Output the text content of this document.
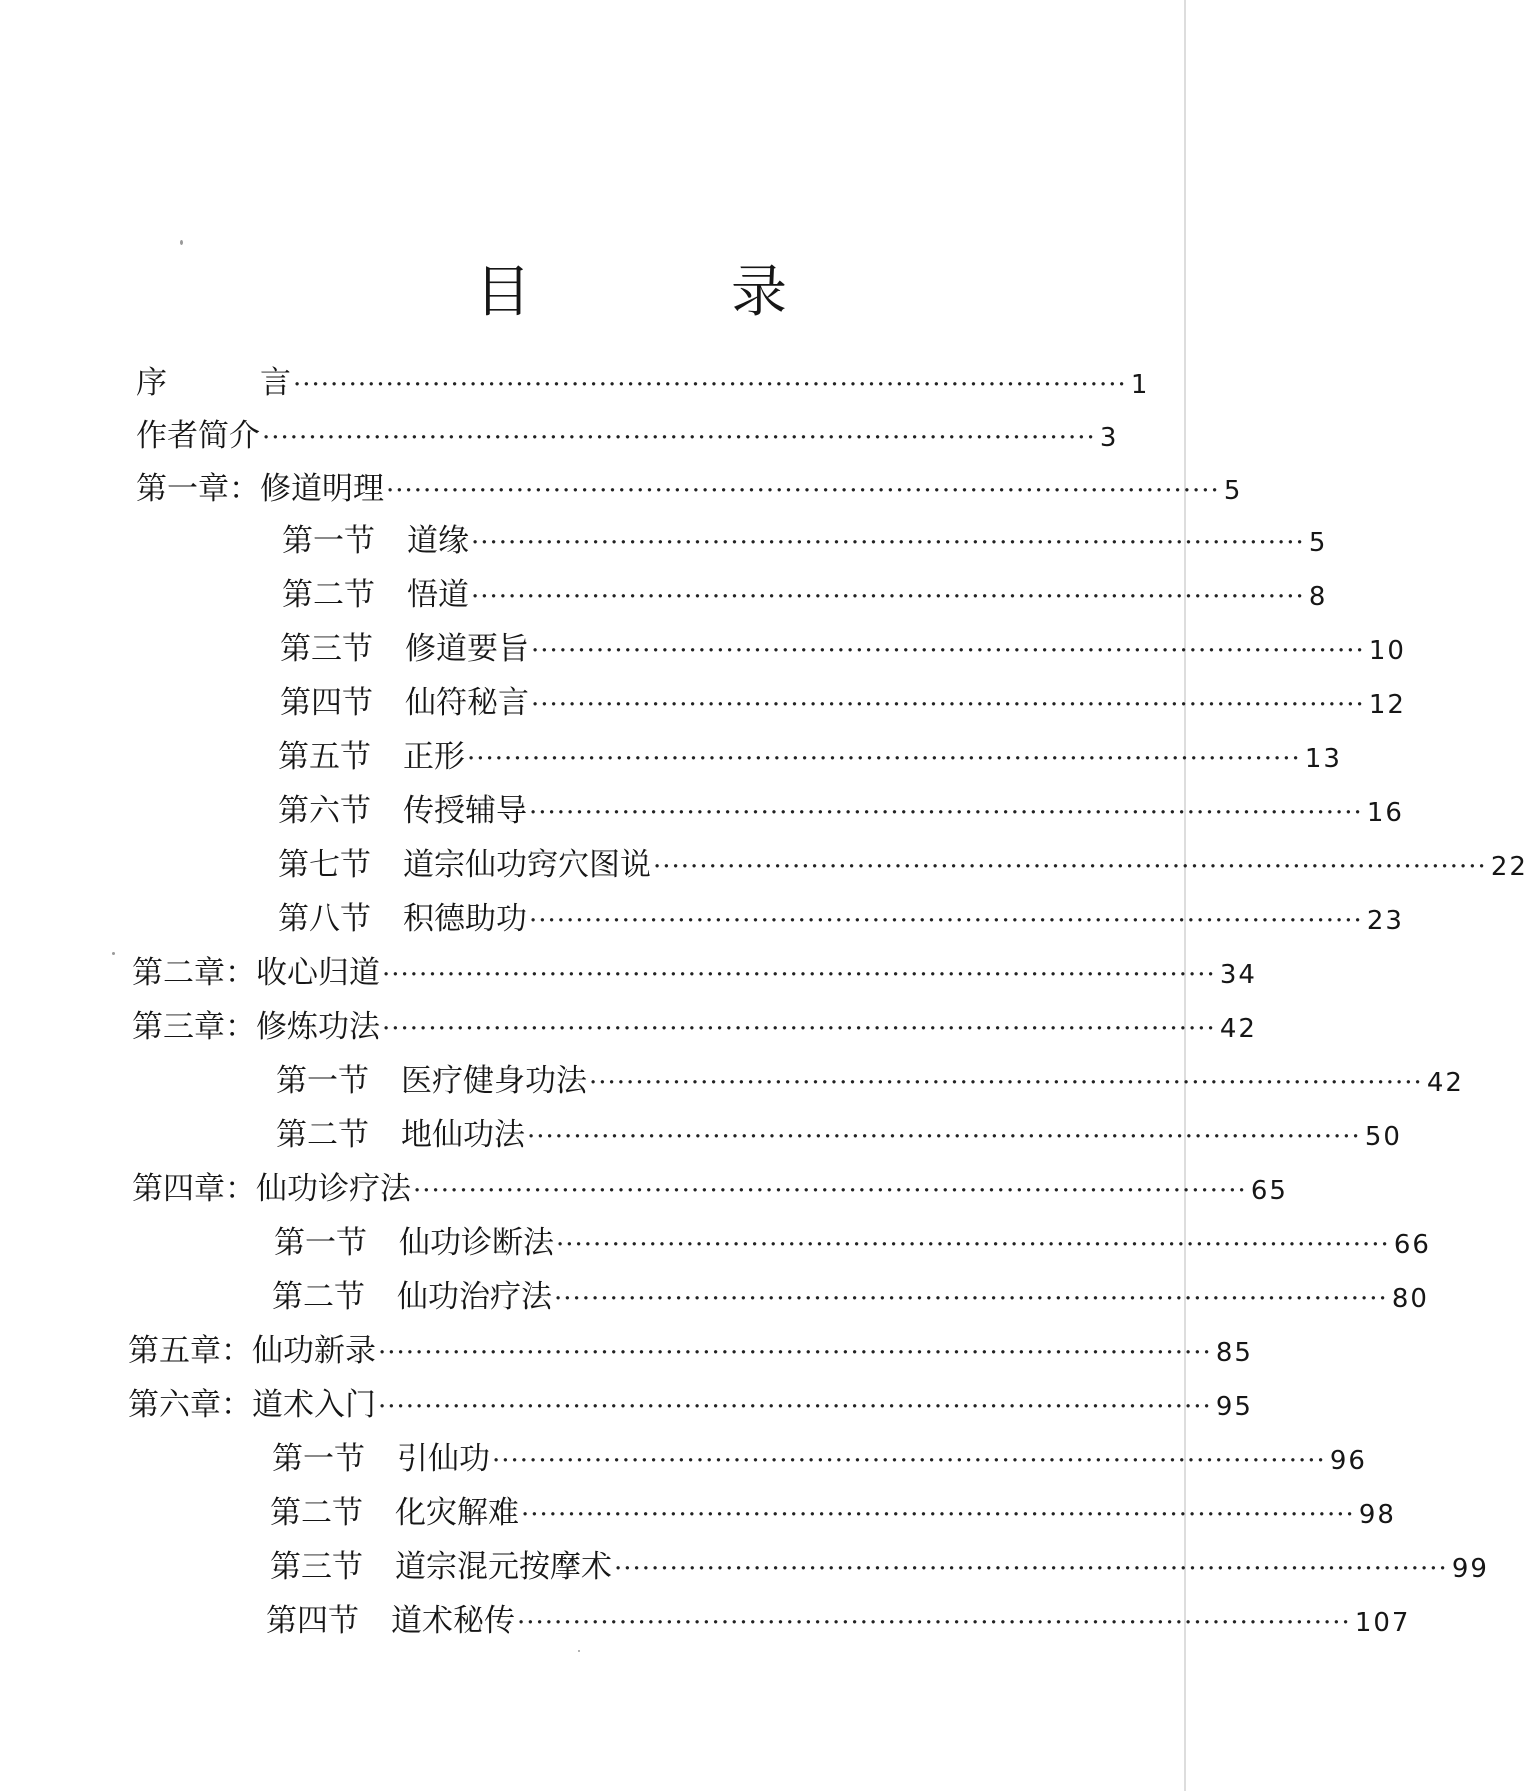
目	录
序　　　言 ·························································································· 1
作者简介 ·························································································· 3
第一章：修道明理 ·························································································· 5
第一节	道缘 ·························································································· 5
第二节	悟道 ·························································································· 8
第三节	修道要旨 ·························································································· 10
第四节	仙符秘言 ·························································································· 12
第五节	正形 ·························································································· 13
第六节	传授辅导 ·························································································· 16
第七节	道宗仙功窍穴图说 ·························································································· 22
第八节	积德助功 ·························································································· 23
第二章：收心归道 ·························································································· 34
第三章：修炼功法 ·························································································· 42
第一节	医疗健身功法 ·························································································· 42
第二节	地仙功法 ·························································································· 50
第四章：仙功诊疗法 ·························································································· 65
第一节	仙功诊断法 ·························································································· 66
第二节	仙功治疗法 ·························································································· 80
第五章：仙功新录 ·························································································· 85
第六章：道术入门 ·························································································· 95
第一节	引仙功 ·························································································· 96
第二节	化灾解难 ·························································································· 98
第三节	道宗混元按摩术 ·························································································· 99
第四节	道术秘传 ·························································································· 107
